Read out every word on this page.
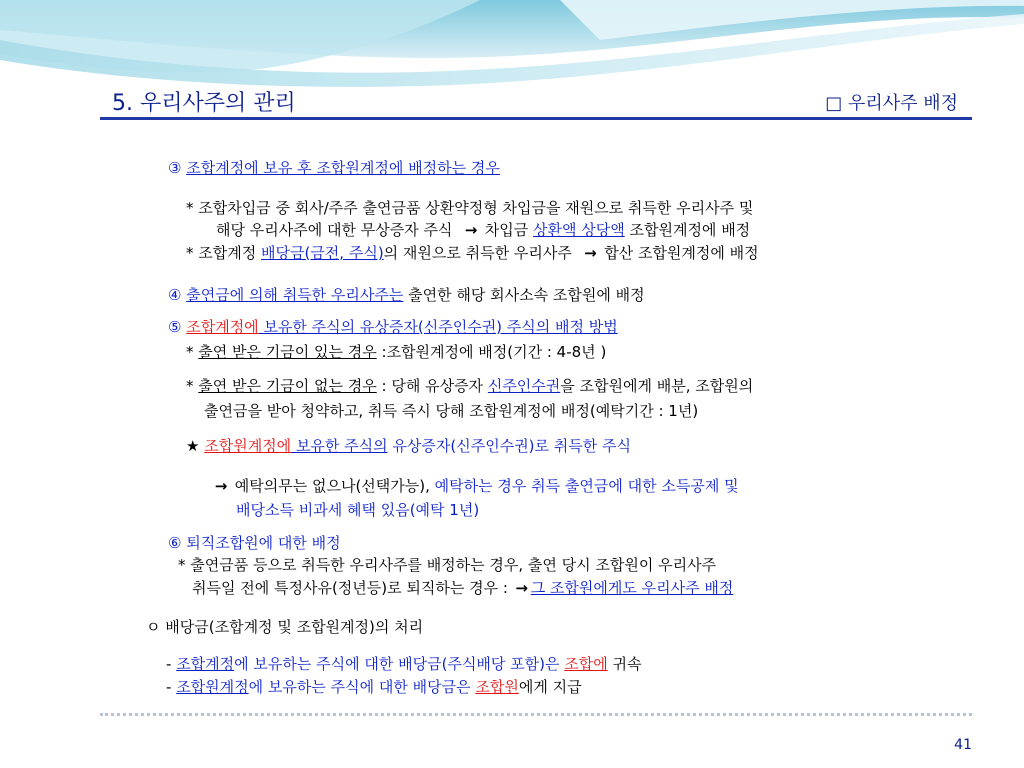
5. 우리사주의 관리	□ 우리사주 배정
③ 조합계정에 보유 후 조합원계정에 배정하는 경우
* 조합차입금 중 회사/주주 출연금품 상환약정형 차입금을 재원으로 취득한 우리사주 및
해당 우리사주에 대한 무상증자 주식 → 차입금 상환액 상당액 조합원계정에 배정
* 조합계정 배당금(금전, 주식)의 재원으로 취득한 우리사주  → 합산 조합원계정에 배정
④ 출연금에 의해 취득한 우리사주는 출연한 해당 회사소속 조합원에 배정
⑤ 조합계정에 보유한 주식의 유상증자(신주인수권) 주식의 배정 방법
* 출연 받은 기금이 있는 경우 :조합원계정에 배정(기간 : 4-8년 )
* 출연 받은 기금이 없는 경우 : 당해 유상증자 신주인수권을 조합원에게 배분, 조합원의
출연금을 받아 청약하고, 취득 즉시 당해 조합원계정에 배정(예탁기간 : 1년)
★ 조합원계정에 보유한 주식의 유상증자(신주인수권)로 취득한 주식
→ 예탁의무는 없으나(선택가능), 예탁하는 경우 취득 출연금에 대한 소득공제 및
배당소득 비과세 혜택 있음(예탁 1년)
⑥ 퇴직조합원에 대한 배정
* 출연금품 등으로 취득한 우리사주를 배정하는 경우, 출연 당시 조합원이 우리사주
취득일 전에 특정사유(정년등)로 퇴직하는 경우 : → 그 조합원에게도 우리사주 배정
ㅇ 배당금(조합계정 및 조합원계정)의 처리
- 조합계정에 보유하는 주식에 대한 배당금(주식배당 포함)은 조합에 귀속
- 조합원계정에 보유하는 주식에 대한 배당금은 조합원에게 지급
41
